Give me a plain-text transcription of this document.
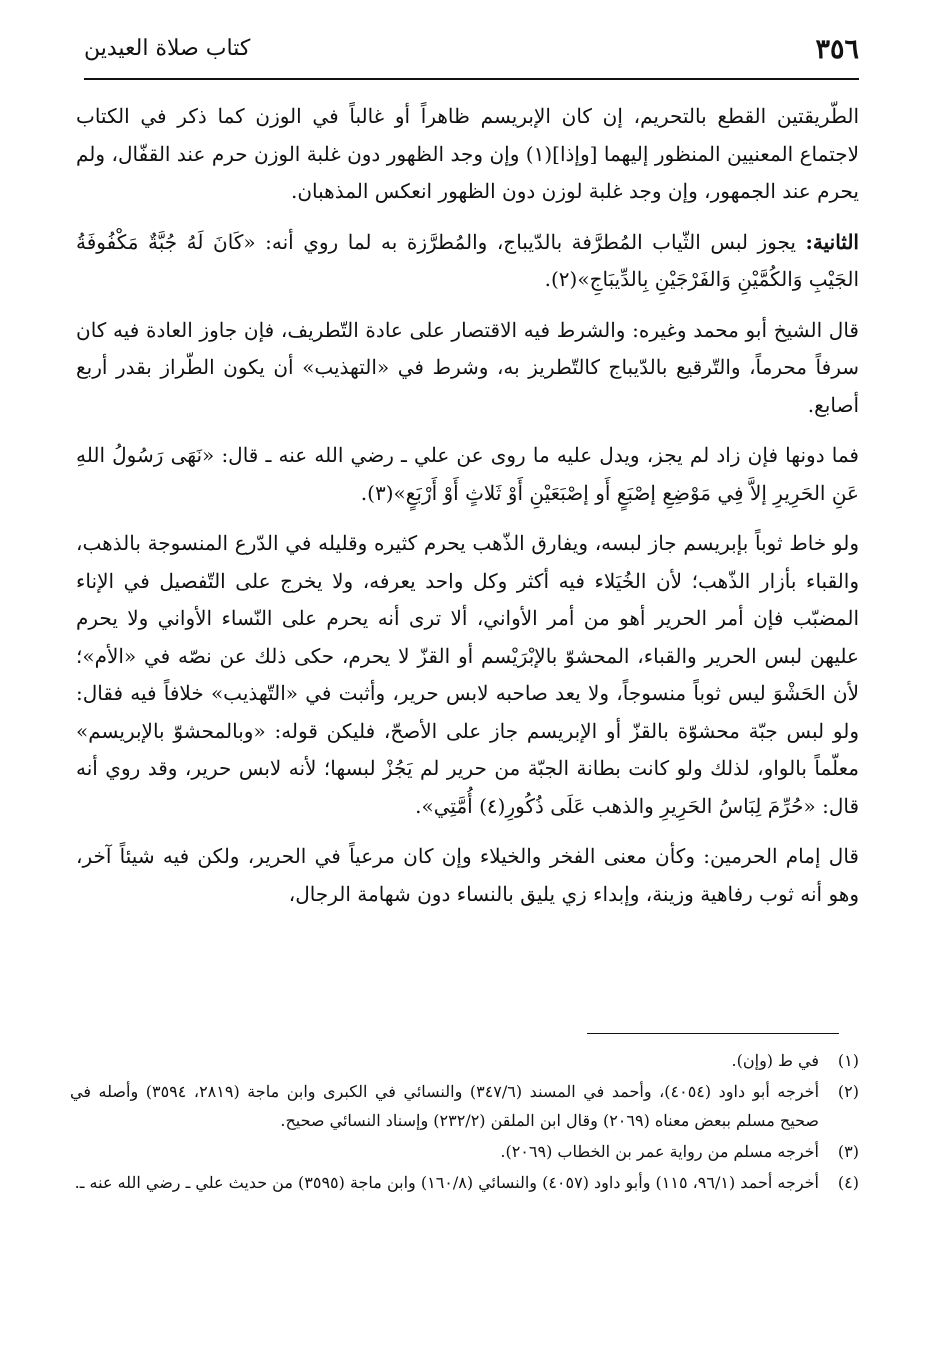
٣٥٦
كتاب صلاة العيدين

الطّريقتين القطع بالتحريم، إن كان الإبريسم ظاهراً أو غالباً في الوزن كما ذكر في الكتاب لاجتماع المعنيين المنظور إليهما [وإذا](١) وإن وجد الظهور دون غلبة الوزن حرم عند القفّال، ولم يحرم عند الجمهور، وإن وجد غلبة لوزن دون الظهور انعكس المذهبان.

الثانية: يجوز لبس الثّياب المُطرَّفة بالدّيباج، والمُطرَّزة به لما روي أنه: «كَانَ لَهُ جُبَّةٌ مَكْفُوفَةُ الجَيْبِ وَالكُمَّيْنِ وَالفَرْجَيْنِ بِالدِّيبَاجِ»(٢).

قال الشيخ أبو محمد وغيره: والشرط فيه الاقتصار على عادة التّطريف، فإن جاوز العادة فيه كان سرفاً محرماً، والتّرقيع بالدّيباج كالتّطريز به، وشرط في «التهذيب» أن يكون الطّراز بقدر أربع أصابع.

فما دونها فإن زاد لم يجز، ويدل عليه ما روى عن علي ـ رضي الله عنه ـ قال: «نَهَى رَسُولُ اللهِ عَنِ الحَرِيرِ إلاَّ فِي مَوْضِعِ إصْبَعٍ أَو إصْبَعَيْنِ أَوْ ثَلاثٍ أَوْ أَرْبَعٍ»(٣).

ولو خاط ثوباً بإبريسم جاز لبسه، ويفارق الذّهب يحرم كثيره وقليله في الدّرع المنسوجة بالذهب، والقباء بأزار الذّهب؛ لأن الخُيَلاء فيه أكثر وكل واحد يعرفه، ولا يخرج على التّفصيل في الإناء المضبّب فإن أمر الحرير أهو من أمر الأواني، ألا ترى أنه يحرم على النّساء الأواني ولا يحرم عليهن لبس الحرير والقباء، المحشوّ بالإبْرَيْسم أو القزّ لا يحرم، حكى ذلك عن نصّه في «الأم»؛ لأن الحَشْوَ ليس ثوباً منسوجاً، ولا يعد صاحبه لابس حرير، وأثبت في «التّهذيب» خلافاً فيه فقال: ولو لبس جبّة محشوّة بالقزّ أو الإبريسم جاز على الأصحّ، فليكن قوله: «وبالمحشوّ بالإبريسم» معلّماً بالواو، لذلك ولو كانت بطانة الجبّة من حرير لم يَجُزْ لبسها؛ لأنه لابس حرير، وقد روي أنه قال: «حُرِّمَ لِبَاسُ الحَرِيرِ والذهب عَلَى ذُكُورِ(٤) أُمَّتِي».

قال إمام الحرمين: وكأن معنى الفخر والخيلاء وإن كان مرعياً في الحرير، ولكن فيه شيئاً آخر، وهو أنه ثوب رفاهية وزينة، وإبداء زي يليق بالنساء دون شهامة الرجال،

(١)
في ط (وإن).
(٢)
أخرجه أبو داود (٤٠٥٤)، وأحمد في المسند (٣٤٧/٦) والنسائي في الكبرى وابن ماجة (٢٨١٩، ٣٥٩٤) وأصله في صحيح مسلم ببعض معناه (٢٠٦٩) وقال ابن الملقن (٢٣٢/٢) وإسناد النسائي صحيح.
(٣)
أخرجه مسلم من رواية عمر بن الخطاب (٢٠٦٩).
(٤)
أخرجه أحمد (٩٦/١، ١١٥) وأبو داود (٤٠٥٧) والنسائي (١٦٠/٨) وابن ماجة (٣٥٩٥) من حديث علي ـ رضي الله عنه ـ.
